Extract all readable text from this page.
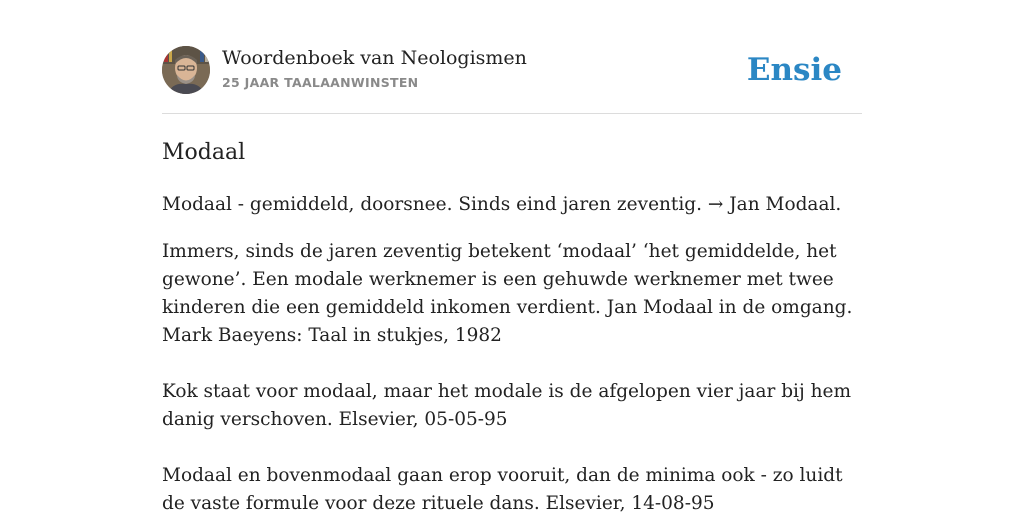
Woordenboek van Neologismen
25 JAAR TAALAANWINSTEN	Ensie
Modaal

Modaal - gemiddeld, doorsnee. Sinds eind jaren zeventig. → Jan Modaal.

Immers, sinds de jaren zeventig betekent ‘modaal’ ‘het gemiddelde, het gewone’. Een modale werknemer is een gehuwde werknemer met twee kinderen die een gemiddeld inkomen verdient. Jan Modaal in de omgang. Mark Baeyens: Taal in stukjes, 1982

Kok staat voor modaal, maar het modale is de afgelopen vier jaar bij hem danig verschoven. Elsevier, 05-05-95

Modaal en bovenmodaal gaan erop vooruit, dan de minima ook - zo luidt de vaste formule voor deze rituele dans. Elsevier, 14-08-95
